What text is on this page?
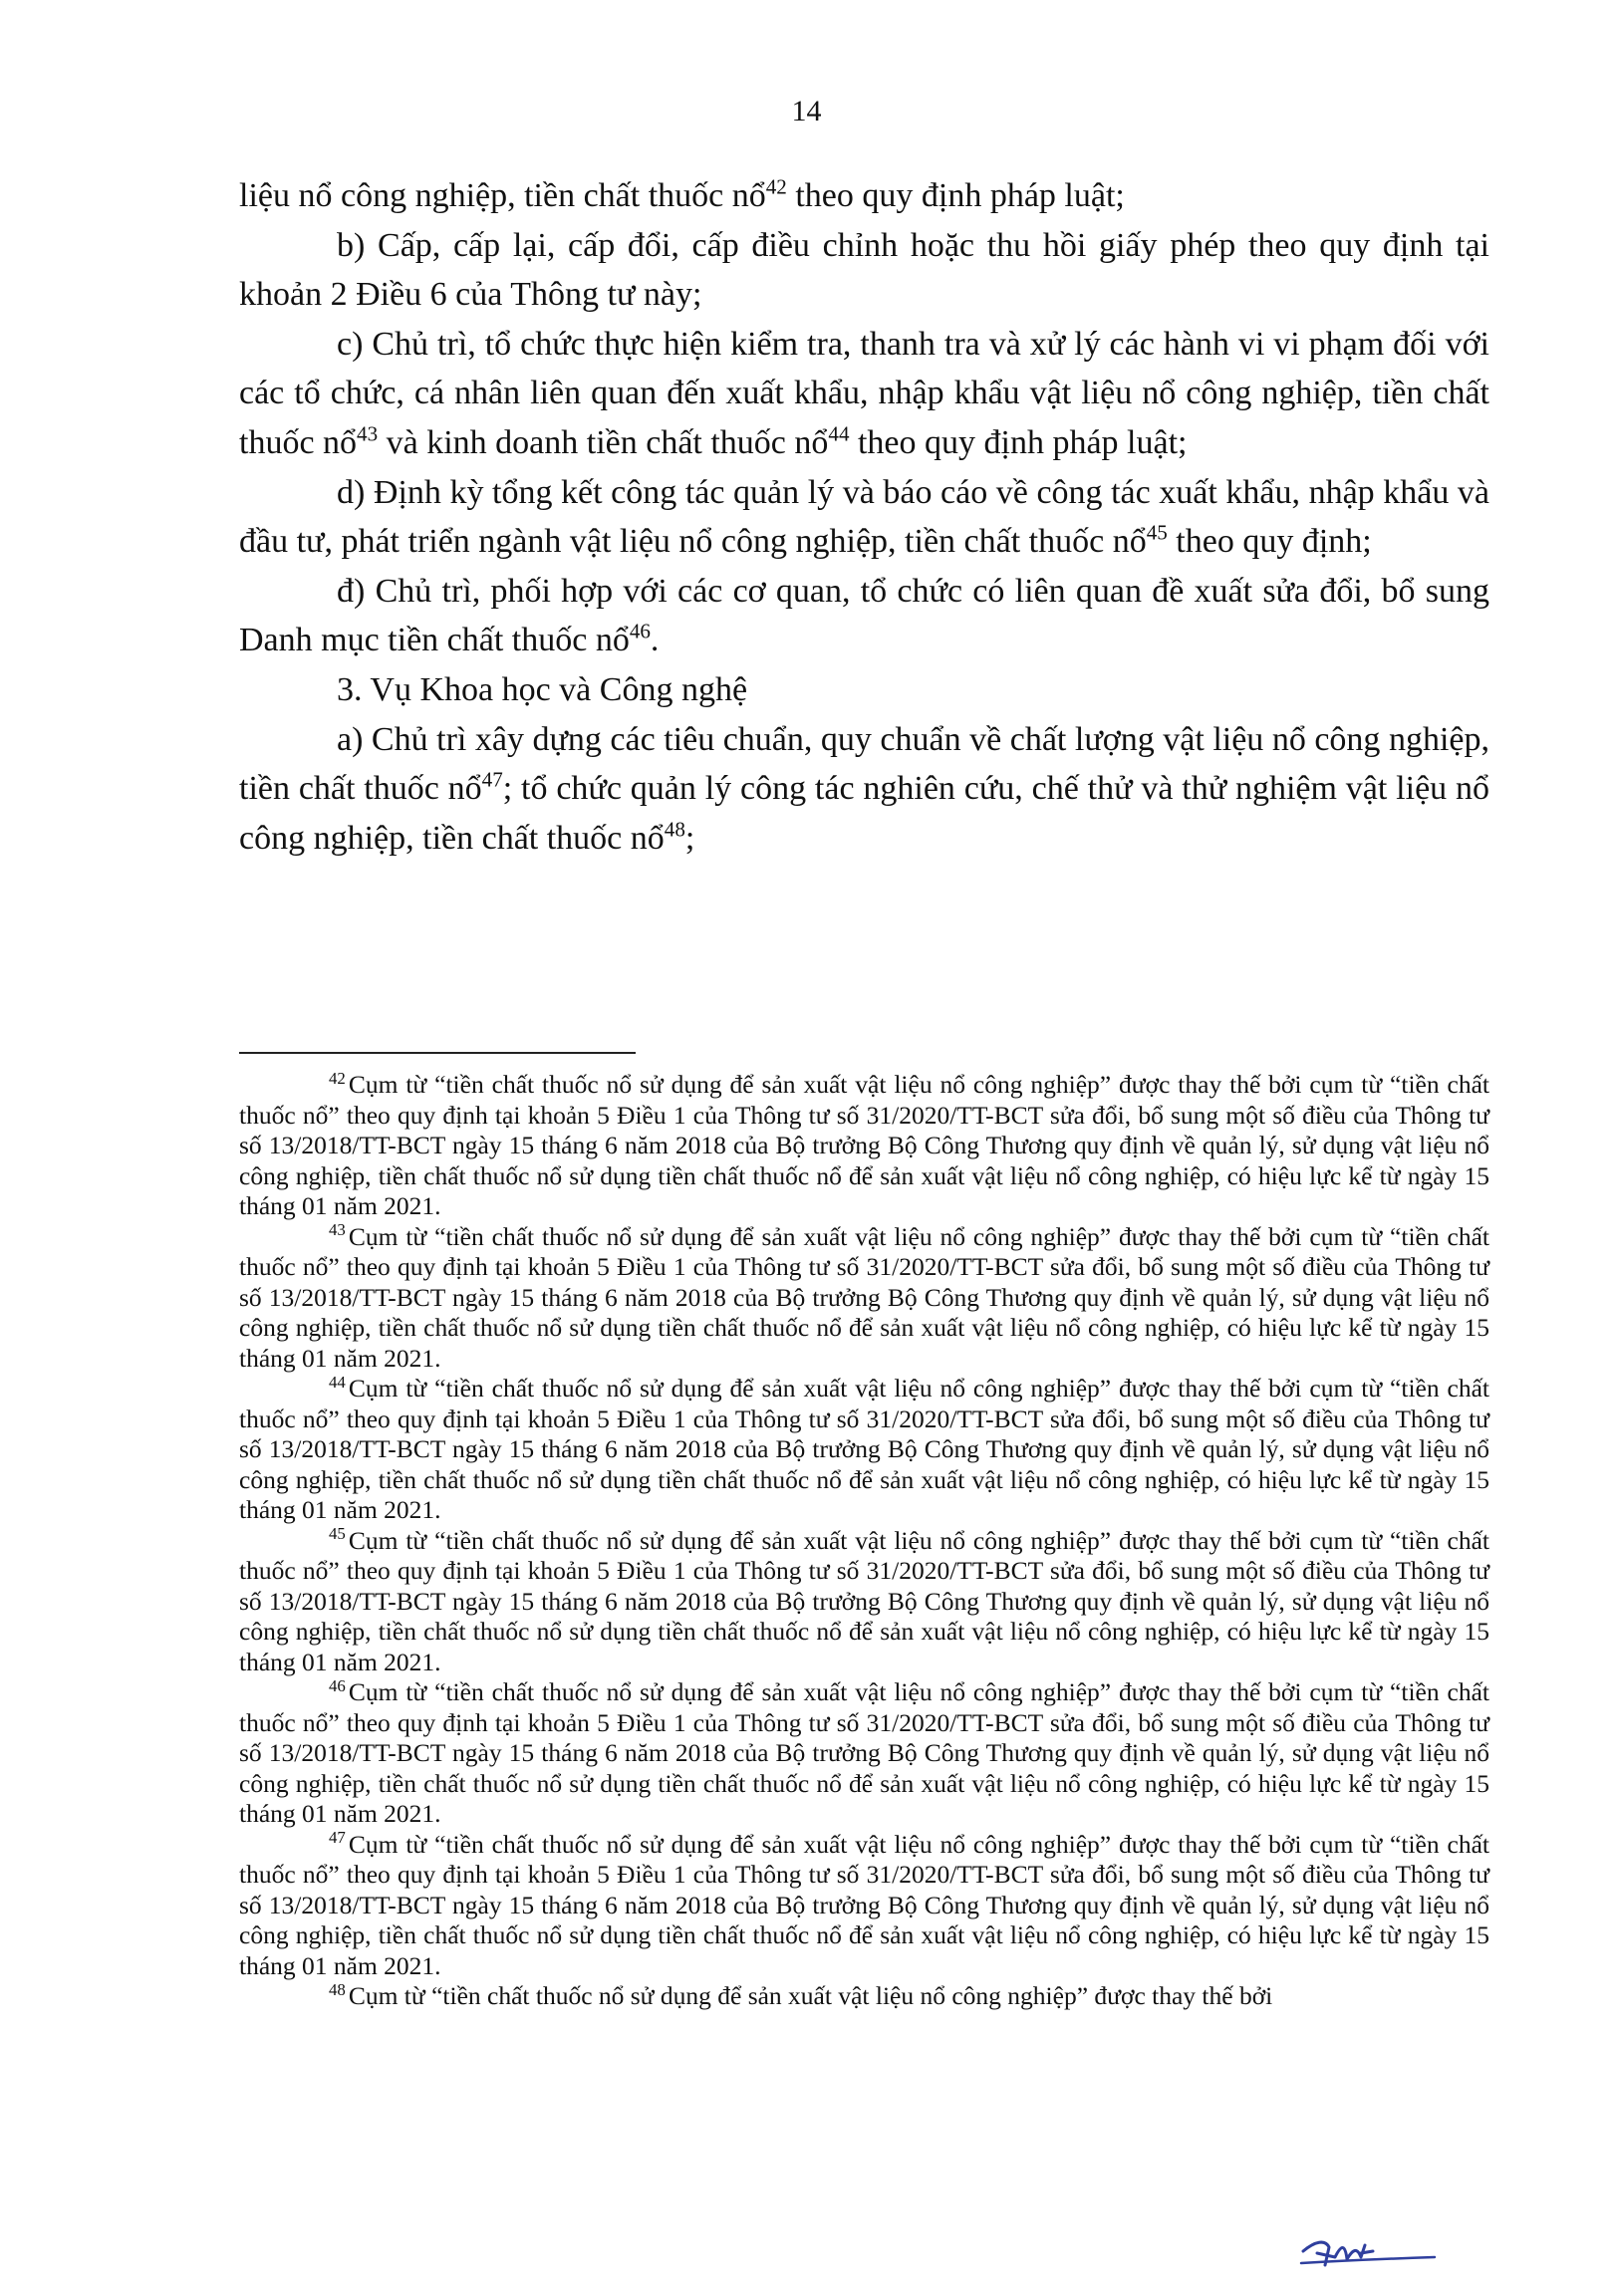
14

liệu nổ công nghiệp, tiền chất thuốc nổ$^{42}$ theo quy định pháp luật;

b) Cấp, cấp lại, cấp đổi, cấp điều chỉnh hoặc thu hồi giấy phép theo quy định tại khoản 2 Điều 6 của Thông tư này;

c) Chủ trì, tổ chức thực hiện kiểm tra, thanh tra và xử lý các hành vi vi phạm đối với các tổ chức, cá nhân liên quan đến xuất khẩu, nhập khẩu vật liệu nổ công nghiệp, tiền chất thuốc nổ$^{43}$ và kinh doanh tiền chất thuốc nổ$^{44}$ theo quy định pháp luật;

d) Định kỳ tổng kết công tác quản lý và báo cáo về công tác xuất khẩu, nhập khẩu và đầu tư, phát triển ngành vật liệu nổ công nghiệp, tiền chất thuốc nổ$^{45}$ theo quy định;

đ) Chủ trì, phối hợp với các cơ quan, tổ chức có liên quan đề xuất sửa đổi, bổ sung Danh mục tiền chất thuốc nổ$^{46}$.

3. Vụ Khoa học và Công nghệ

a) Chủ trì xây dựng các tiêu chuẩn, quy chuẩn về chất lượng vật liệu nổ công nghiệp, tiền chất thuốc nổ$^{47}$; tổ chức quản lý công tác nghiên cứu, chế thử và thử nghiệm vật liệu nổ công nghiệp, tiền chất thuốc nổ$^{48}$;

$^{42}$ Cụm từ “tiền chất thuốc nổ sử dụng để sản xuất vật liệu nổ công nghiệp” được thay thế bởi cụm từ “tiền chất thuốc nổ” theo quy định tại khoản 5 Điều 1 của Thông tư số 31/2020/TT-BCT sửa đổi, bổ sung một số điều của Thông tư số 13/2018/TT-BCT ngày 15 tháng 6 năm 2018 của Bộ trưởng Bộ Công Thương quy định về quản lý, sử dụng vật liệu nổ công nghiệp, tiền chất thuốc nổ sử dụng tiền chất thuốc nổ để sản xuất vật liệu nổ công nghiệp, có hiệu lực kể từ ngày 15 tháng 01 năm 2021.

$^{43}$ Cụm từ “tiền chất thuốc nổ sử dụng để sản xuất vật liệu nổ công nghiệp” được thay thế bởi cụm từ “tiền chất thuốc nổ” theo quy định tại khoản 5 Điều 1 của Thông tư số 31/2020/TT-BCT sửa đổi, bổ sung một số điều của Thông tư số 13/2018/TT-BCT ngày 15 tháng 6 năm 2018 của Bộ trưởng Bộ Công Thương quy định về quản lý, sử dụng vật liệu nổ công nghiệp, tiền chất thuốc nổ sử dụng tiền chất thuốc nổ để sản xuất vật liệu nổ công nghiệp, có hiệu lực kể từ ngày 15 tháng 01 năm 2021.

$^{44}$ Cụm từ “tiền chất thuốc nổ sử dụng để sản xuất vật liệu nổ công nghiệp” được thay thế bởi cụm từ “tiền chất thuốc nổ” theo quy định tại khoản 5 Điều 1 của Thông tư số 31/2020/TT-BCT sửa đổi, bổ sung một số điều của Thông tư số 13/2018/TT-BCT ngày 15 tháng 6 năm 2018 của Bộ trưởng Bộ Công Thương quy định về quản lý, sử dụng vật liệu nổ công nghiệp, tiền chất thuốc nổ sử dụng tiền chất thuốc nổ để sản xuất vật liệu nổ công nghiệp, có hiệu lực kể từ ngày 15 tháng 01 năm 2021.

$^{45}$ Cụm từ “tiền chất thuốc nổ sử dụng để sản xuất vật liệu nổ công nghiệp” được thay thế bởi cụm từ “tiền chất thuốc nổ” theo quy định tại khoản 5 Điều 1 của Thông tư số 31/2020/TT-BCT sửa đổi, bổ sung một số điều của Thông tư số 13/2018/TT-BCT ngày 15 tháng 6 năm 2018 của Bộ trưởng Bộ Công Thương quy định về quản lý, sử dụng vật liệu nổ công nghiệp, tiền chất thuốc nổ sử dụng tiền chất thuốc nổ để sản xuất vật liệu nổ công nghiệp, có hiệu lực kể từ ngày 15 tháng 01 năm 2021.

$^{46}$ Cụm từ “tiền chất thuốc nổ sử dụng để sản xuất vật liệu nổ công nghiệp” được thay thế bởi cụm từ “tiền chất thuốc nổ” theo quy định tại khoản 5 Điều 1 của Thông tư số 31/2020/TT-BCT sửa đổi, bổ sung một số điều của Thông tư số 13/2018/TT-BCT ngày 15 tháng 6 năm 2018 của Bộ trưởng Bộ Công Thương quy định về quản lý, sử dụng vật liệu nổ công nghiệp, tiền chất thuốc nổ sử dụng tiền chất thuốc nổ để sản xuất vật liệu nổ công nghiệp, có hiệu lực kể từ ngày 15 tháng 01 năm 2021.

$^{47}$ Cụm từ “tiền chất thuốc nổ sử dụng để sản xuất vật liệu nổ công nghiệp” được thay thế bởi cụm từ “tiền chất thuốc nổ” theo quy định tại khoản 5 Điều 1 của Thông tư số 31/2020/TT-BCT sửa đổi, bổ sung một số điều của Thông tư số 13/2018/TT-BCT ngày 15 tháng 6 năm 2018 của Bộ trưởng Bộ Công Thương quy định về quản lý, sử dụng vật liệu nổ công nghiệp, tiền chất thuốc nổ sử dụng tiền chất thuốc nổ để sản xuất vật liệu nổ công nghiệp, có hiệu lực kể từ ngày 15 tháng 01 năm 2021.

$^{48}$ Cụm từ “tiền chất thuốc nổ sử dụng để sản xuất vật liệu nổ công nghiệp” được thay thế bởi
